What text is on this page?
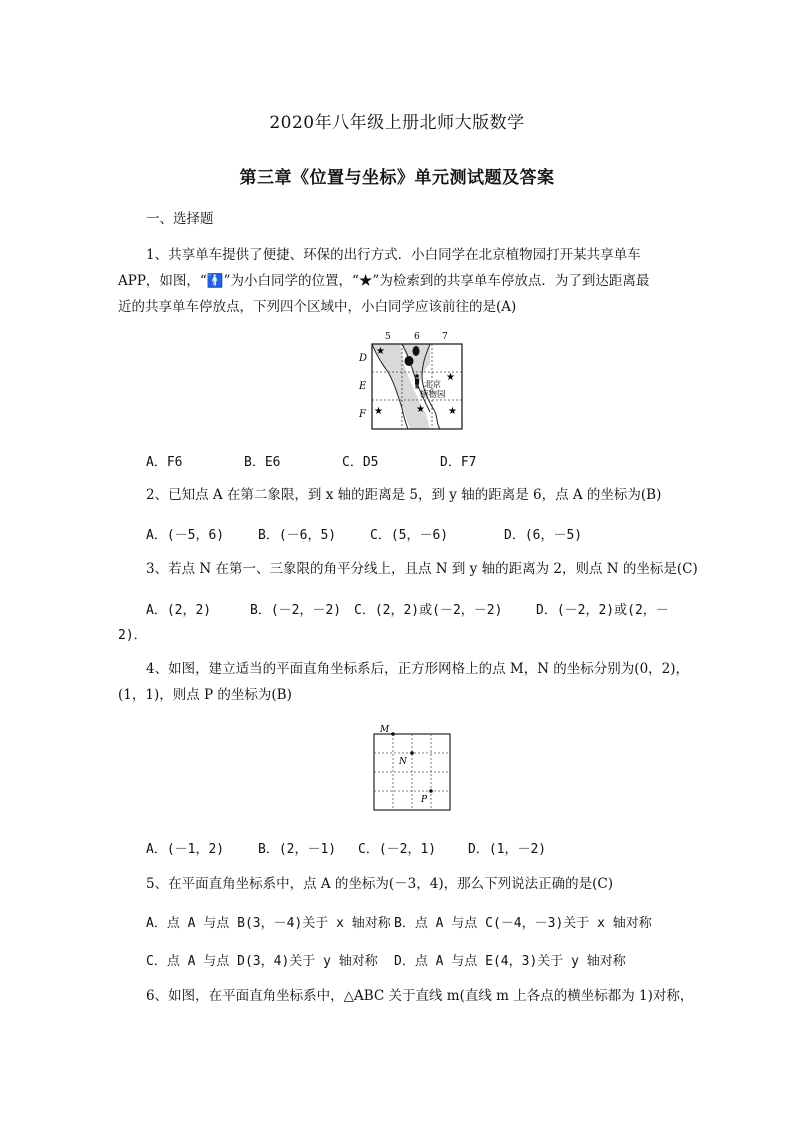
2020年八年级上册北师大版数学
第三章《位置与坐标》单元测试题及答案
一、选择题
1、共享单车提供了便捷、环保的出行方式．小白同学在北京植物园打开某共享单车
APP，如图，“🚹”为小白同学的位置，“★”为检索到的共享单车停放点．为了到达距离最
近的共享单车停放点，下列四个区域中，小白同学应该前往的是(A)
5	6 7
D
E
F
北京
植物园
★
★
★	★ ★
A．F6	B．E6	C．D5	D．F7
2、已知点 A 在第二象限，到 x 轴的距离是 5，到 y 轴的距离是 6，点 A 的坐标为(B)
A．(－5，6)	B．(－6，5)	C．(5，－6)	D．(6，－5)
3、若点 N 在第一、三象限的角平分线上，且点 N 到 y 轴的距离为 2，则点 N 的坐标是(C)
A．(2，2)	B．(－2，－2) C．(2，2)或(－2，－2)	D．(－2，2)或(2，－
2)．
4、如图，建立适当的平面直角坐标系后，正方形网格上的点 M，N 的坐标分别为(0，2)，
(1，1)，则点 P 的坐标为(B)
M
N
P
A．(－1，2)	B．(2，－1) C．(－2，1) D．(1，－2)
5、在平面直角坐标系中，点 A 的坐标为(－3，4)，那么下列说法正确的是(C)
A．点 A 与点 B(3，－4)关于 x 轴对称 B．点 A 与点 C(－4，－3)关于 x 轴对称
C．点 A 与点 D(3，4)关于 y 轴对称 D．点 A 与点 E(4，3)关于 y 轴对称
6、如图，在平面直角坐标系中，△ABC 关于直线 m(直线 m 上各点的横坐标都为 1)对称，
